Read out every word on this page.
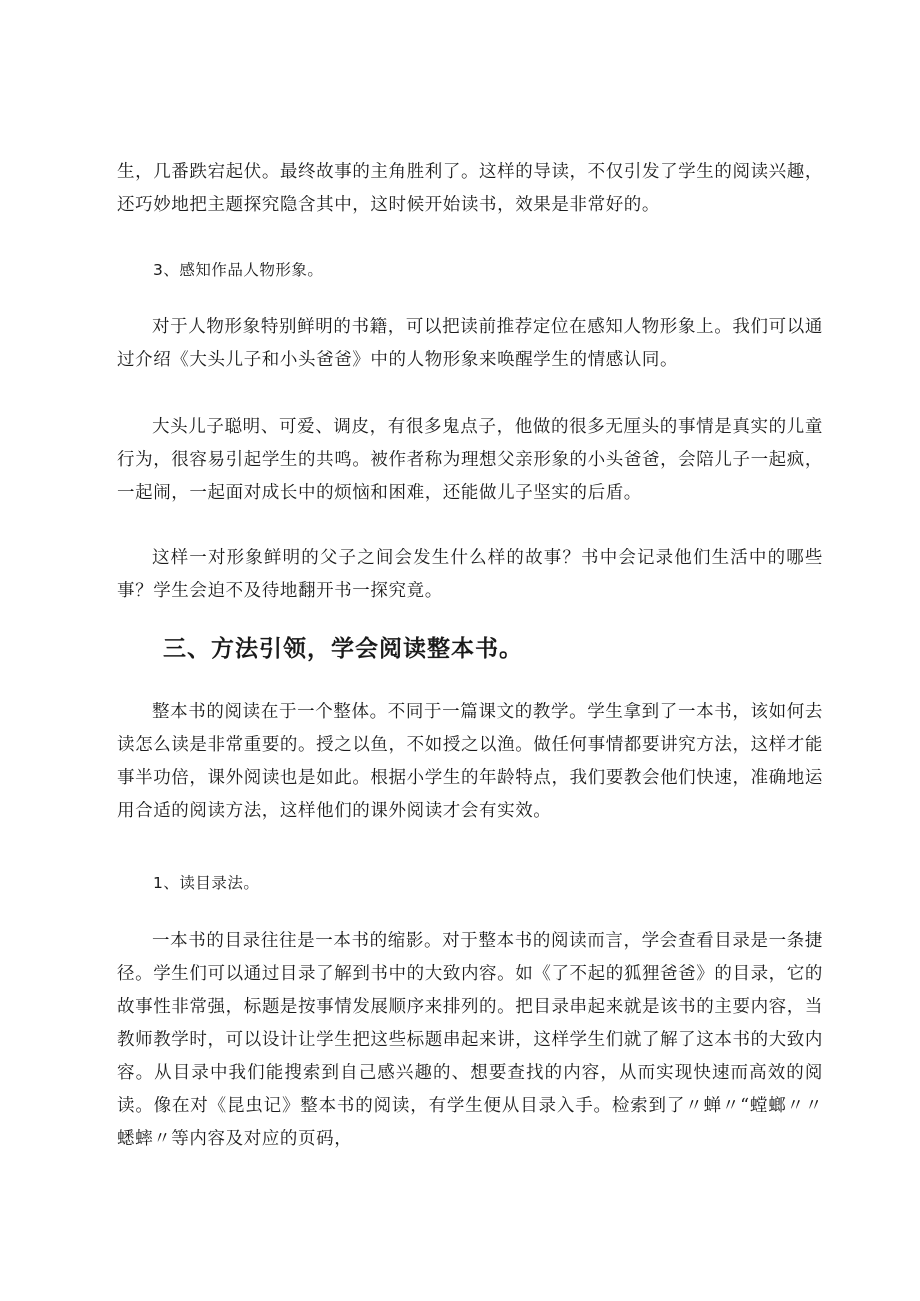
生，几番跌宕起伏。最终故事的主角胜利了。这样的导读，不仅引发了学生的阅读兴趣，还巧妙地把主题探究隐含其中，这时候开始读书，效果是非常好的。

3、感知作品人物形象。

对于人物形象特别鲜明的书籍，可以把读前推荐定位在感知人物形象上。我们可以通过介绍《大头儿子和小头爸爸》中的人物形象来唤醒学生的情感认同。

大头儿子聪明、可爱、调皮，有很多鬼点子，他做的很多无厘头的事情是真实的儿童行为，很容易引起学生的共鸣。被作者称为理想父亲形象的小头爸爸，会陪儿子一起疯，一起闹，一起面对成长中的烦恼和困难，还能做儿子坚实的后盾。

这样一对形象鲜明的父子之间会发生什么样的故事？书中会记录他们生活中的哪些事？学生会迫不及待地翻开书一探究竟。

三、方法引领，学会阅读整本书。

整本书的阅读在于一个整体。不同于一篇课文的教学。学生拿到了一本书，该如何去读怎么读是非常重要的。授之以鱼，不如授之以渔。做任何事情都要讲究方法，这样才能事半功倍，课外阅读也是如此。根据小学生的年龄特点，我们要教会他们快速，准确地运用合适的阅读方法，这样他们的课外阅读才会有实效。

1、读目录法。

一本书的目录往往是一本书的缩影。对于整本书的阅读而言，学会查看目录是一条捷径。学生们可以通过目录了解到书中的大致内容。如《了不起的狐狸爸爸》的目录，它的故事性非常强，标题是按事情发展顺序来排列的。把目录串起来就是该书的主要内容，当教师教学时，可以设计让学生把这些标题串起来讲，这样学生们就了解了这本书的大致内容。从目录中我们能搜索到自己感兴趣的、想要查找的内容，从而实现快速而高效的阅读。像在对《昆虫记》整本书的阅读，有学生便从目录入手。检索到了〃蝉〃“螳螂〃〃蟋蟀〃等内容及对应的页码，
